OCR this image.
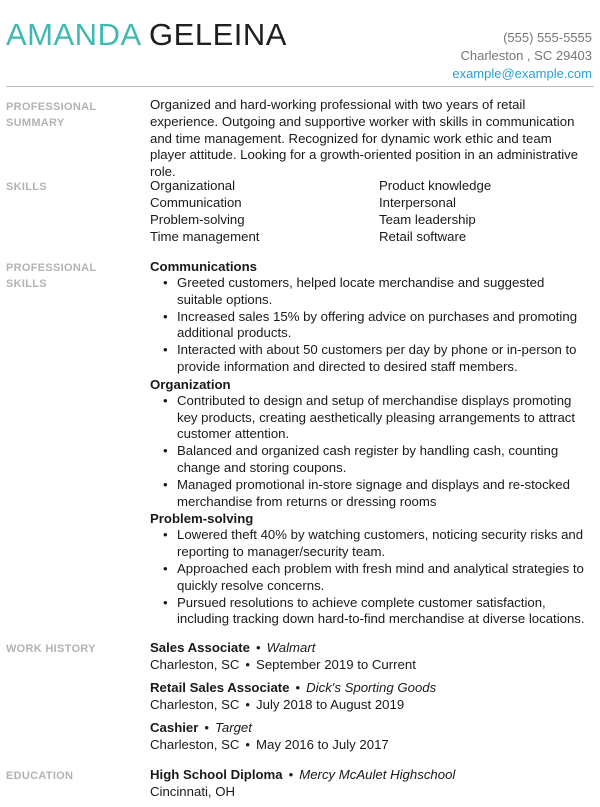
AMANDA GELEINA	(555) 555-5555
Charleston , SC 29403
example@example.com
PROFESSIONAL SUMMARY
Organized and hard-working professional with two years of retail experience. Outgoing and supportive worker with skills in communication and time management. Recognized for dynamic work ethic and team player attitude. Looking for a growth-oriented position in an administrative role.
SKILLS	Organizational	Product knowledge
Communication	Interpersonal
Problem-solving	Team leadership
Time management	Retail software
PROFESSIONAL SKILLS
Communications
• Greeted customers, helped locate merchandise and suggested suitable options.
• Increased sales 15% by offering advice on purchases and promoting additional products.
• Interacted with about 50 customers per day by phone or in-person to provide information and directed to desired staff members.
Organization
• Contributed to design and setup of merchandise displays promoting key products, creating aesthetically pleasing arrangements to attract customer attention.
• Balanced and organized cash register by handling cash, counting change and storing coupons.
• Managed promotional in-store signage and displays and re-stocked merchandise from returns or dressing rooms
Problem-solving
• Lowered theft 40% by watching customers, noticing security risks and reporting to manager/security team.
• Approached each problem with fresh mind and analytical strategies to quickly resolve concerns.
• Pursued resolutions to achieve complete customer satisfaction, including tracking down hard-to-find merchandise at diverse locations.
WORK HISTORY	Sales Associate • Walmart
Charleston, SC • September 2019 to Current
Retail Sales Associate • Dick's Sporting Goods
Charleston, SC • July 2018 to August 2019
Cashier • Target
Charleston, SC • May 2016 to July 2017
EDUCATION	High School Diploma • Mercy McAulet Highschool
Cincinnati, OH
